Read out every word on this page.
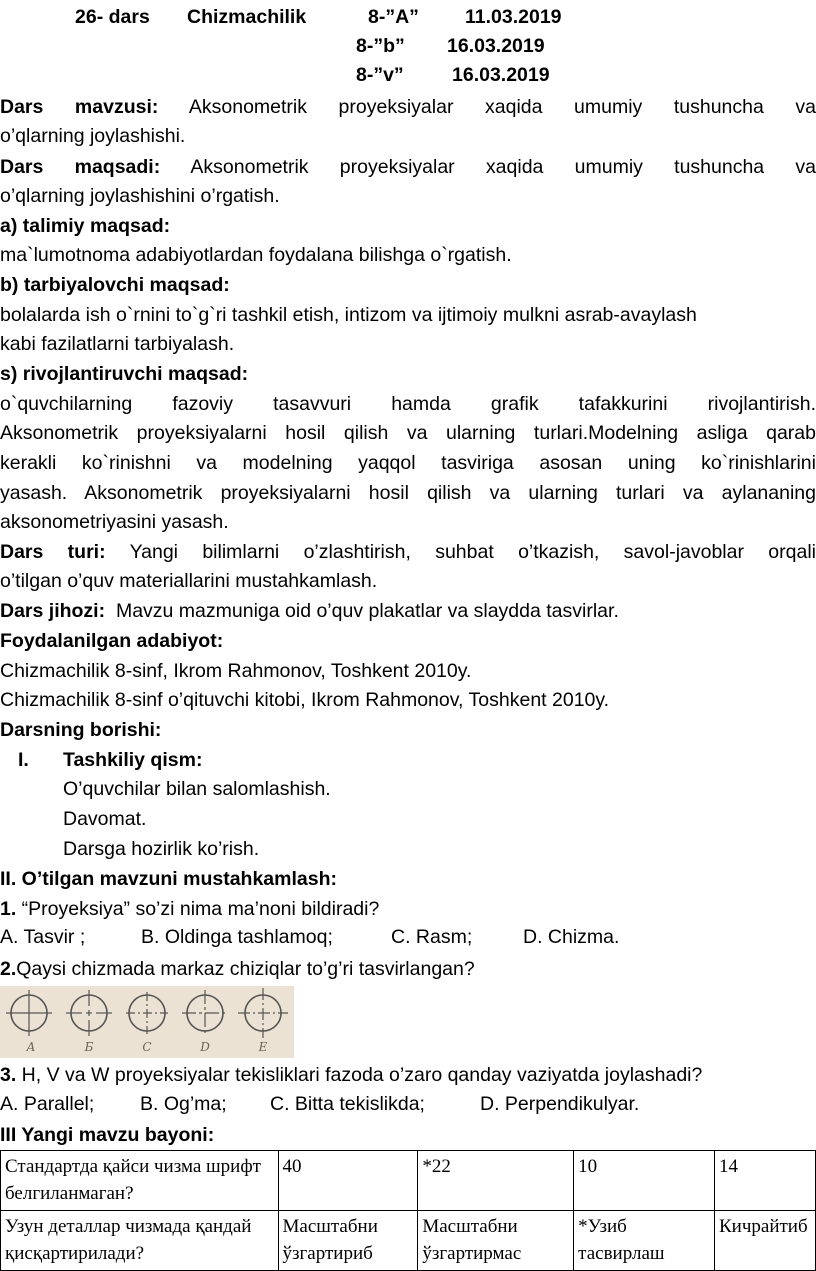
26- dars Chizmachilik	8-”A” 11.03.2019
8-”b” 16.03.2019
8-”v” 16.03.2019
Dars mavzusi: Aksonometrik proyeksiyalar xaqida umumiy tushuncha va
o’qlarning joylashishi.
Dars maqsadi: Aksonometrik proyeksiyalar xaqida umumiy tushuncha va
o’qlarning joylashishini o’rgatish.
a) talimiy maqsad:
ma`lumotnoma adabiyotlardan foydalana bilishga o`rgatish.
b) tarbiyalovchi maqsad:
bolalarda ish o`rnini to`g`ri tashkil etish, intizom va ijtimoiy mulkni asrab-avaylash
kabi fazilatlarni tarbiyalash.
s) rivojlantiruvchi maqsad:
o`quvchilarning fazoviy tasavvuri hamda grafik tafakkurini rivojlantirish.
Aksonometrik proyeksiyalarni hosil qilish va ularning turlari.Modelning asliga qarab
kerakli ko`rinishni va modelning yaqqol tasviriga asosan uning ko`rinishlarini
yasash. Aksonometrik proyeksiyalarni hosil qilish va ularning turlari va aylananing
aksonometriyasini yasash.
Dars turi: Yangi bilimlarni o’zlashtirish, suhbat o’tkazish, savol-javoblar orqali
o’tilgan o’quv materiallarini mustahkamlash.
Dars jihozi: Mavzu mazmuniga oid o’quv plakatlar va slaydda tasvirlar.
Foydalanilgan adabiyot:
Chizmachilik 8-sinf, Ikrom Rahmonov, Toshkent 2010y.
Chizmachilik 8-sinf o’qituvchi kitobi, Ikrom Rahmonov, Toshkent 2010y.
Darsning borishi:
I.	Tashkiliy qism:
O’quvchilar bilan salomlashish.
Davomat.
Darsga hozirlik ko’rish.
II. O’tilgan mavzuni mustahkamlash:
1. “Proyeksiya” so’zi nima ma’noni bildiradi?
A. Tasvir ;	B. Oldinga tashlamoq;	C. Rasm;	D. Chizma.
2.Qaysi chizmada markaz chiziqlar to’g’ri tasvirlangan?
A	Б	C	D	E
3. H, V va W proyeksiyalar tekisliklari fazoda o’zaro qanday vaziyatda joylashadi?
A. Parallel; B. Og’ma; C. Bitta tekislikda;	D. Perpendikulyar.
III Yangi mavzu bayoni:
Стандартда қайси чизма шрифт белгиланмаган?	40	*22	10	14
Узун деталлар чизмада қандай қисқартирилади?	Масштабни ўзгартириб	Масштабни ўзгартирмас	*Узиб тасвирлаш	Кичрайтиб
